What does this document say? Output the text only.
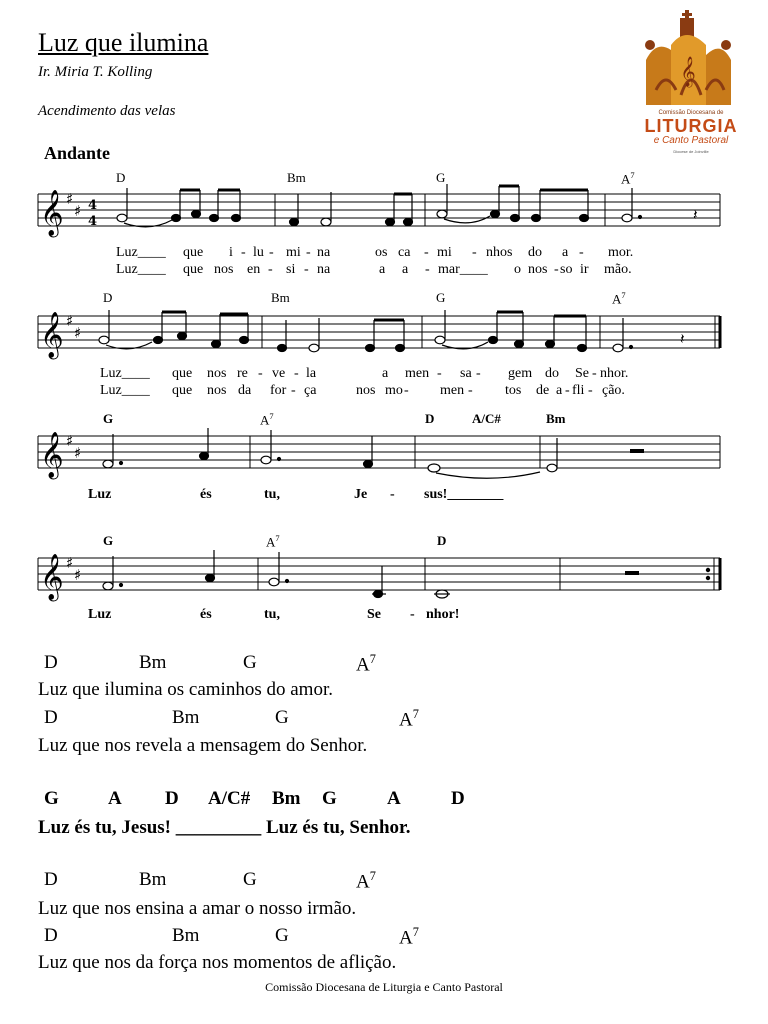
Luz que ilumina
Ir. Miria T. Kolling
Acendimento das velas
Andante
𝄞
Comissão Diocesana de
LITURGIA
e Canto Pastoral
Diocese de Joinville
D	Bm	G	$A^7$
𝄞 ♯
♯ 4
4	𝄽
Luz____ que i - lu - mi - na	os ca - mi - nhos do a - mor.
Luz____ que nos en - si - na	a a - mar____ o nos - so ir mão.
D	Bm	G	$A^7$
𝄞 ♯
♯	𝄽
Luz____ que nos re - ve - la	a men - sa - gem do Se - nhor.
Luz____ que nos da for - ça	nos mo - men - tos de a - fli - ção.
G	$A^7$	D	A/C#	Bm
𝄞 ♯
♯
Luz	és	tu,	Je - sus!________
G	$A^7$	D
𝄞 ♯
♯
Luz	és	tu,	Se - nhor!
D	Bm	G	$A^7$
Luz que ilumina os caminhos do amor.
D	Bm	G	$A^7$
Luz que nos revela a mensagem do Senhor.
G	A D A/C# Bm G	A	D
Luz és tu, Jesus! _________ Luz és tu, Senhor.
D	Bm	G	$A^7$
Luz que nos ensina a amar o nosso irmão.
D	Bm	G	$A^7$
Luz que nos da força nos momentos de aflição.
Comissão Diocesana de Liturgia e Canto Pastoral
